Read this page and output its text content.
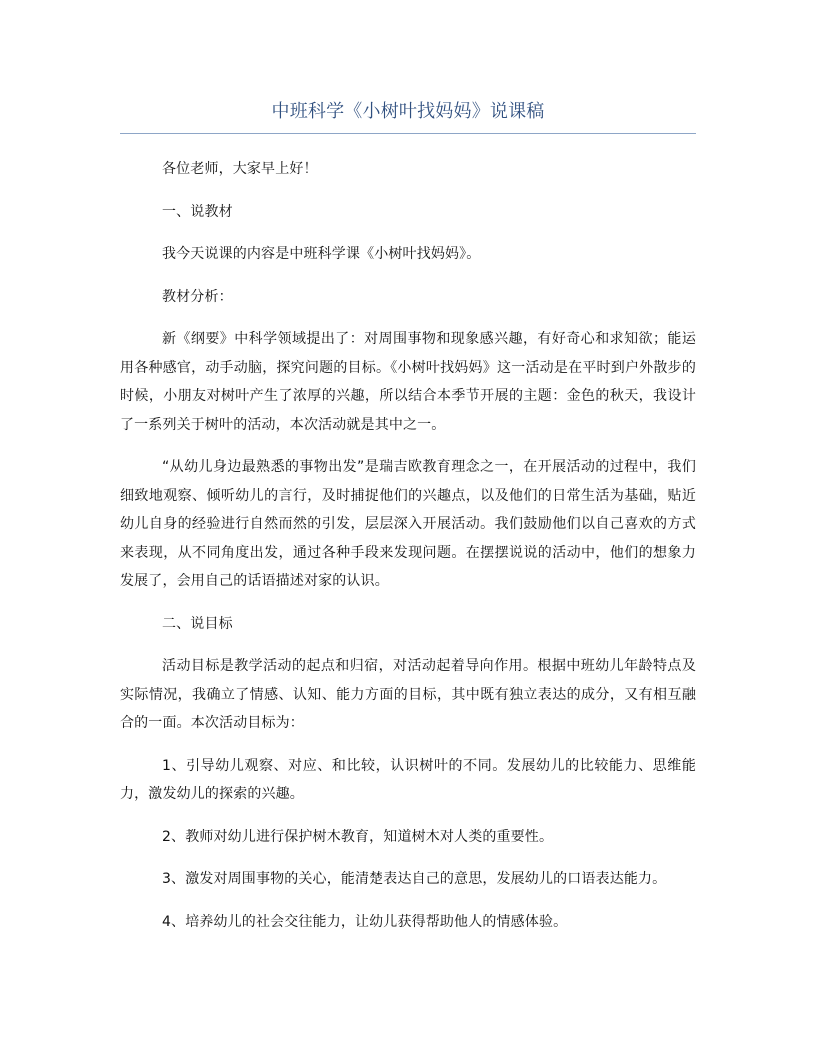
中班科学《小树叶找妈妈》说课稿

各位老师，大家早上好！

一、说教材

我今天说课的内容是中班科学课《小树叶找妈妈》。

教材分析：

新《纲要》中科学领域提出了：对周围事物和现象感兴趣，有好奇心和求知欲；能运用各种感官，动手动脑，探究问题的目标。《小树叶找妈妈》这一活动是在平时到户外散步的时候，小朋友对树叶产生了浓厚的兴趣，所以结合本季节开展的主题：金色的秋天，我设计了一系列关于树叶的活动，本次活动就是其中之一。

“从幼儿身边最熟悉的事物出发”是瑞吉欧教育理念之一，在开展活动的过程中，我们细致地观察、倾听幼儿的言行，及时捕捉他们的兴趣点，以及他们的日常生活为基础，贴近幼儿自身的经验进行自然而然的引发，层层深入开展活动。我们鼓励他们以自己喜欢的方式来表现，从不同角度出发，通过各种手段来发现问题。在摆摆说说的活动中，他们的想象力发展了，会用自己的话语描述对家的认识。

二、说目标

活动目标是教学活动的起点和归宿，对活动起着导向作用。根据中班幼儿年龄特点及实际情况，我确立了情感、认知、能力方面的目标，其中既有独立表达的成分，又有相互融合的一面。本次活动目标为：

1、引导幼儿观察、对应、和比较，认识树叶的不同。发展幼儿的比较能力、思维能力，激发幼儿的探索的兴趣。

2、教师对幼儿进行保护树木教育，知道树木对人类的重要性。

3、激发对周围事物的关心，能清楚表达自己的意思，发展幼儿的口语表达能力。

4、培养幼儿的社会交往能力，让幼儿获得帮助他人的情感体验。
